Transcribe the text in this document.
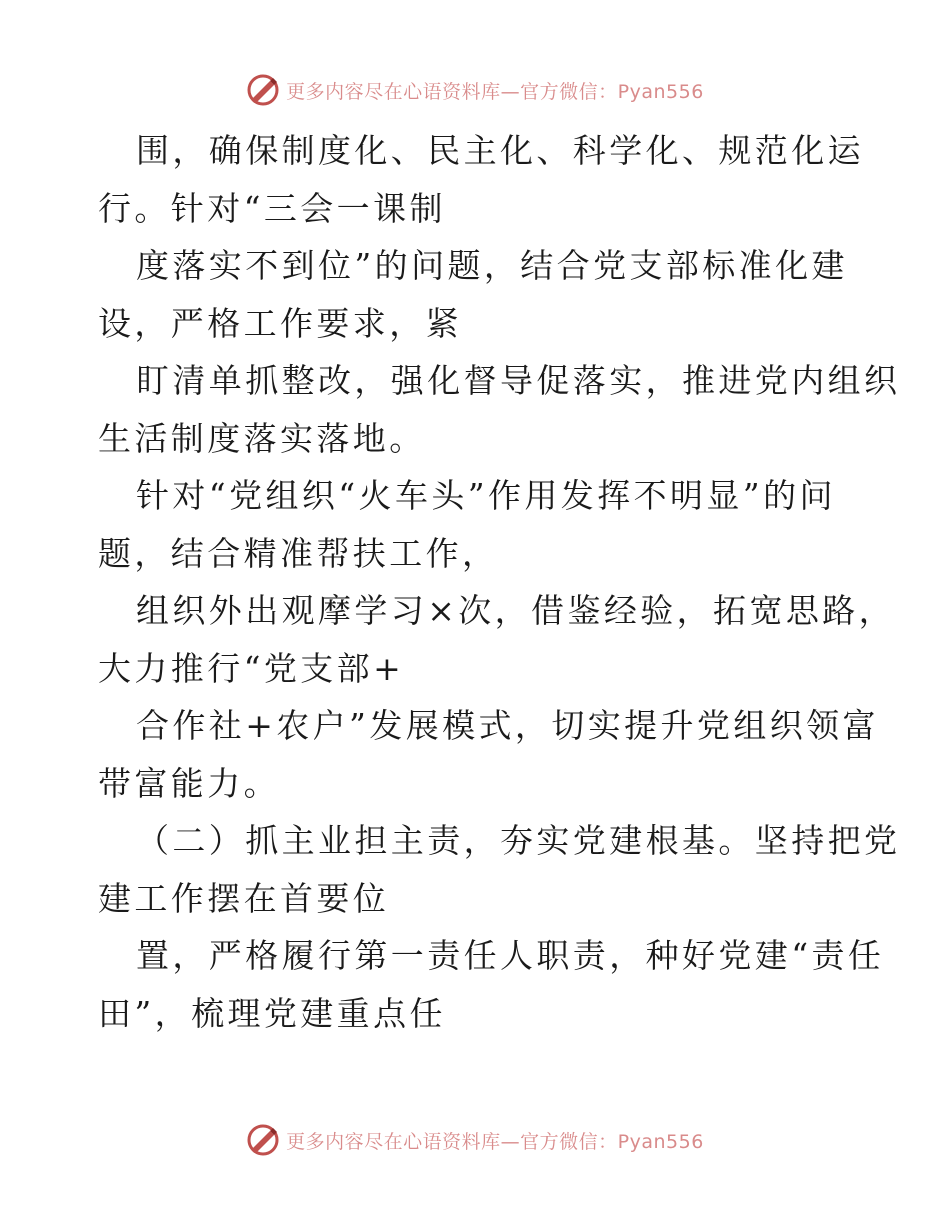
更多内容尽在心语资料库—官方微信：Pyan556
围，确保制度化、民主化、科学化、规范化运
行。针对“三会一课制
度落实不到位”的问题，结合党支部标准化建
设，严格工作要求，紧
盯清单抓整改，强化督导促落实，推进党内组织
生活制度落实落地。
针对“党组织“火车头”作用发挥不明显”的问
题，结合精准帮扶工作，
组织外出观摩学习×次，借鉴经验，拓宽思路，
大力推行“党支部+
合作社+农户”发展模式，切实提升党组织领富
带富能力。
（二）抓主业担主责，夯实党建根基。坚持把党
建工作摆在首要位
置，严格履行第一责任人职责，种好党建“责任
田”，梳理党建重点任
更多内容尽在心语资料库—官方微信：Pyan556
